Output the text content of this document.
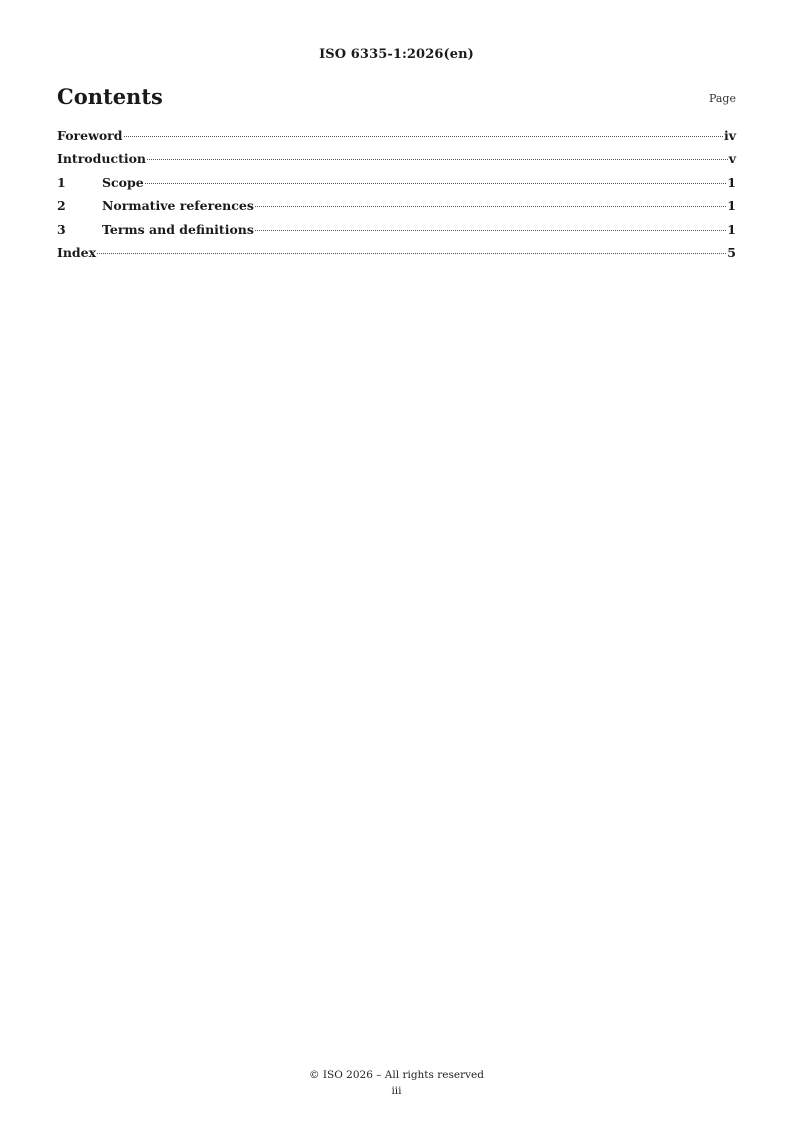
ISO 6335-1:2026(en)
Contents	Page
Foreword	iv
Introduction	v
1	Scope	1
2	Normative references	1
3	Terms and definitions	1
Index	5
© ISO 2026 – All rights reserved
iii
